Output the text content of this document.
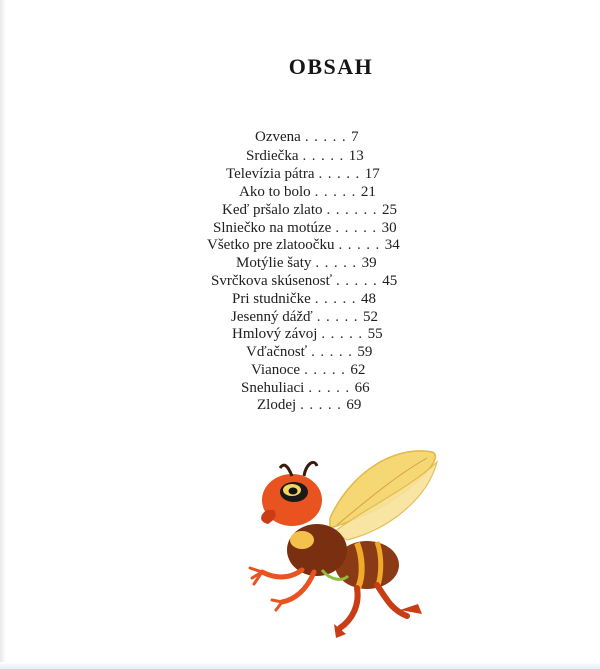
OBSAH
Ozvena .....7
Srdiečka .....13
Televízia pátra .....17
Ako to bolo .....21
Keď pršalo zlato ......25
Slniečko na motúze .....30
Všetko pre zlatoočku .....34
Motýlie šaty .....39
Svrčkova skúsenosť .....45
Pri studničke .....48
Jesenný dážď .....52
Hmlový závoj .....55
Vďačnosť .....59
Vianoce .....62
Snehuliaci .....66
Zlodej .....69
